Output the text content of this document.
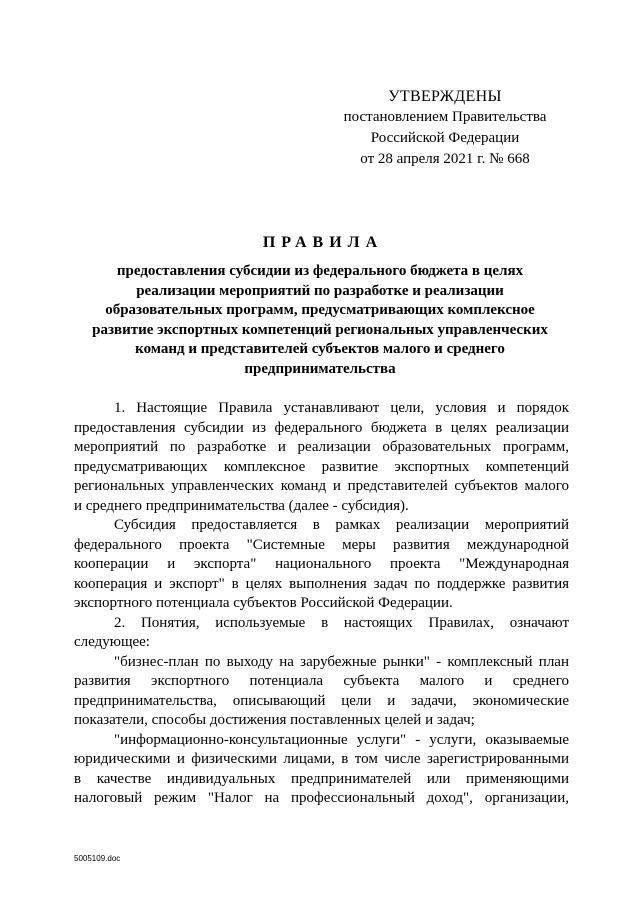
УТВЕРЖДЕНЫ
постановлением Правительства
Российской Федерации
от 28 апреля 2021 г. № 668
ПРАВИЛА
предоставления субсидии из федерального бюджета в целях
реализации мероприятий по разработке и реализации
образовательных программ, предусматривающих комплексное
развитие экспортных компетенций региональных управленческих
команд и представителей субъектов малого и среднего
предпринимательства
1. Настоящие Правила устанавливают цели, условия и порядок
предоставления субсидии из федерального бюджета в целях реализации
мероприятий по разработке и реализации образовательных программ,
предусматривающих комплексное развитие экспортных компетенций
региональных управленческих команд и представителей субъектов малого
и среднего предпринимательства (далее - субсидия).
Субсидия предоставляется в рамках реализации мероприятий
федерального проекта "Системные меры развития международной
кооперации и экспорта" национального проекта "Международная
кооперация и экспорт" в целях выполнения задач по поддержке развития
экспортного потенциала субъектов Российской Федерации.
2. Понятия, используемые в настоящих Правилах, означают
следующее:
"бизнес-план по выходу на зарубежные рынки" - комплексный план
развития экспортного потенциала субъекта малого и среднего
предпринимательства, описывающий цели и задачи, экономические
показатели, способы достижения поставленных целей и задач;
"информационно-консультационные услуги" - услуги, оказываемые
юридическими и физическими лицами, в том числе зарегистрированными
в качестве индивидуальных предпринимателей или применяющими
налоговый режим "Налог на профессиональный доход", организации,
5005109.doc
